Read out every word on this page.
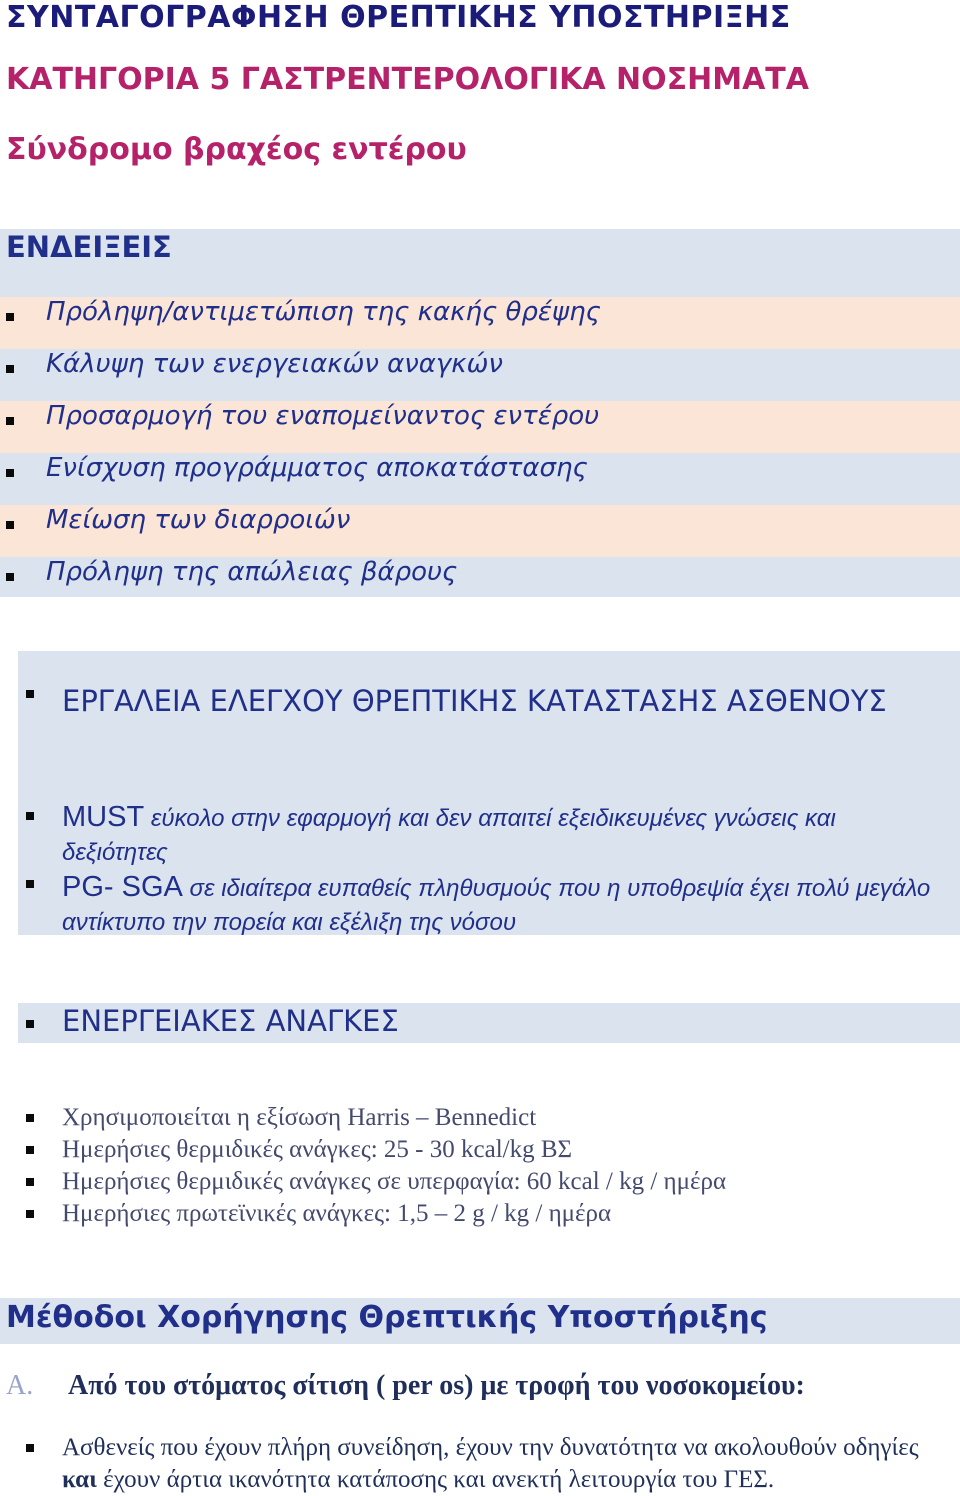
ΣΥΝΤΑΓΟΓΡΑΦΗΣΗ ΘΡΕΠΤΙΚΗΣ ΥΠΟΣΤΗΡΙΞΗΣ
ΚΑΤΗΓΟΡΙΑ 5 ΓΑΣΤΡΕΝΤΕΡΟΛΟΓΙΚΑ ΝΟΣΗΜΑΤΑ
Σύνδρομο βραχέος εντέρου
ΕΝΔΕΙΞΕΙΣ
Πρόληψη/αντιμετώπιση της κακής θρέψης
Κάλυψη των ενεργειακών αναγκών
Προσαρμογή του εναπομείναντος εντέρου
Ενίσχυση προγράμματος αποκατάστασης
Μείωση των διαρροιών
Πρόληψη της απώλειας βάρους
ΕΡΓΑΛΕΙΑ ΕΛΕΓΧΟΥ ΘΡΕΠΤΙΚΗΣ ΚΑΤΑΣΤΑΣΗΣ ΑΣΘΕΝΟΥΣ
MUST εύκολο στην εφαρμογή και δεν απαιτεί εξειδικευμένες γνώσεις και δεξιότητες
PG- SGA σε ιδιαίτερα ευπαθείς πληθυσμούς που η υποθρεψία έχει πολύ μεγάλο αντίκτυπο την πορεία και εξέλιξη της νόσου
ΕΝΕΡΓΕΙΑΚΕΣ ΑΝΑΓΚΕΣ
Χρησιμοποιείται η εξίσωση Harris – Bennedict
Ημερήσιες θερμιδικές ανάγκες: 25 - 30 kcal/kg ΒΣ
Ημερήσιες θερμιδικές ανάγκες σε υπερφαγία: 60 kcal / kg / ημέρα
Ημερήσιες πρωτεϊνικές ανάγκες: 1,5 – 2 g / kg / ημέρα
Μέθοδοι Χορήγησης Θρεπτικής Υποστήριξης
Α. Από του στόματος σίτιση ( per os) με τροφή του νοσοκομείου:
Ασθενείς που έχουν πλήρη συνείδηση, έχουν την δυνατότητα να ακολουθούν οδηγίες και έχουν άρτια ικανότητα κατάποσης και ανεκτή λειτουργία του ΓΕΣ.
